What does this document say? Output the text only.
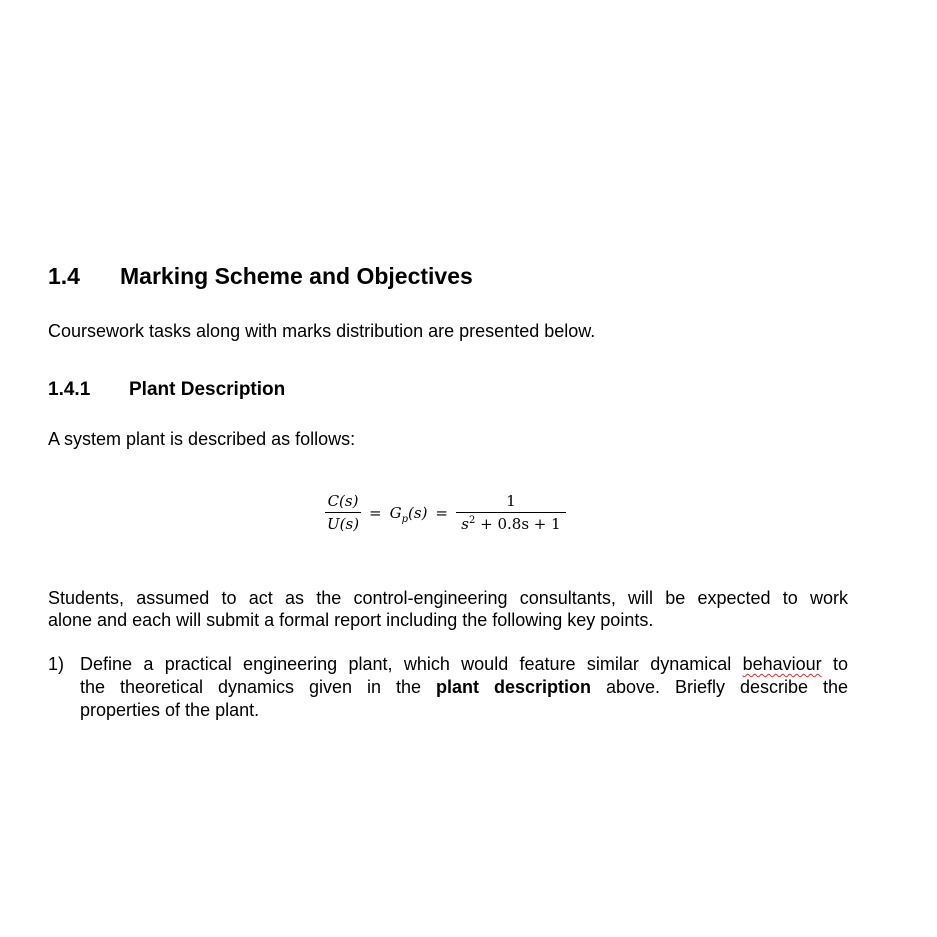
1.4 Marking Scheme and Objectives
Coursework tasks along with marks distribution are presented below.
1.4.1 Plant Description
A system plant is described as follows:
$\frac{C(s)}{U(s)} = G_p(s) = \frac{1}{s^2 + 0.8s + 1}$
Students, assumed to act as the control-engineering consultants, will be expected to work
alone and each will submit a formal report including the following key points.
1) Define a practical engineering plant, which would feature similar dynamical behaviour to
the theoretical dynamics given in the plant description above. Briefly describe the
properties of the plant.
